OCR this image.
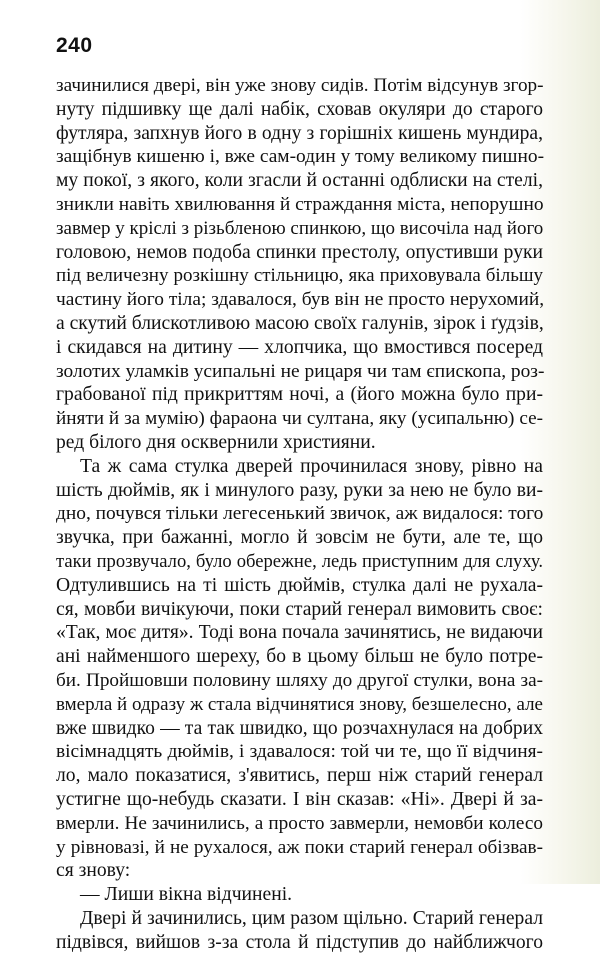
240
зачинилися двері, він уже знову сидів. Потім відсунув згор-
нуту підшивку ще далі набік, сховав окуляри до старого
футляра, запхнув його в одну з горішніх кишень мундира,
защібнув кишеню і, вже сам-один у тому великому пишно-
му покої, з якого, коли згасли й останні одблиски на стелі,
зникли навіть хвилювання й страждання міста, непорушно
завмер у кріслі з різьбленою спинкою, що височіла над його
головою, немов подоба спинки престолу, опустивши руки
під величезну розкішну стільницю, яка приховувала більшу
частину його тіла; здавалося, був він не просто нерухомий,
а скутий блискотливою масою своїх галунів, зірок і ґудзів,
і скидався на дитину — хлопчика, що вмостився посеред
золотих уламків усипальні не рицаря чи там єпископа, роз-
грабованої під прикриттям ночі, а (його можна було при-
йняти й за мумію) фараона чи султана, яку (усипальню) се-
ред білого дня осквернили християни.
Та ж сама стулка дверей прочинилася знову, рівно на
шість дюймів, як і минулого разу, руки за нею не було ви-
дно, почувся тільки легесенький звичок, аж видалося: того
звучка, при бажанні, могло й зовсім не бути, але те, що
таки прозвучало, було обережне, ледь приступним для слуху.
Одтулившись на ті шість дюймів, стулка далі не рухала-
ся, мовби вичікуючи, поки старий генерал вимовить своє:
«Так, моє дитя». Тоді вона почала зачинятись, не видаючи
ані найменшого шереху, бо в цьому більш не було потре-
би. Пройшовши половину шляху до другої стулки, вона за-
вмерла й одразу ж стала відчинятися знову, безшелесно, але
вже швидко — та так швидко, що розчахнулася на добрих
вісімнадцять дюймів, і здавалося: той чи те, що її відчиня-
ло, мало показатися, з'явитись, перш ніж старий генерал
устигне що-небудь сказати. І він сказав: «Ні». Двері й за-
вмерли. Не зачинились, а просто завмерли, немовби колесо
у рівновазі, й не рухалося, аж поки старий генерал обізвав-
ся знову:
— Лиши вікна відчинені.
Двері й зачинились, цим разом щільно. Старий генерал
підвівся, вийшов з-за стола й підступив до найближчого
